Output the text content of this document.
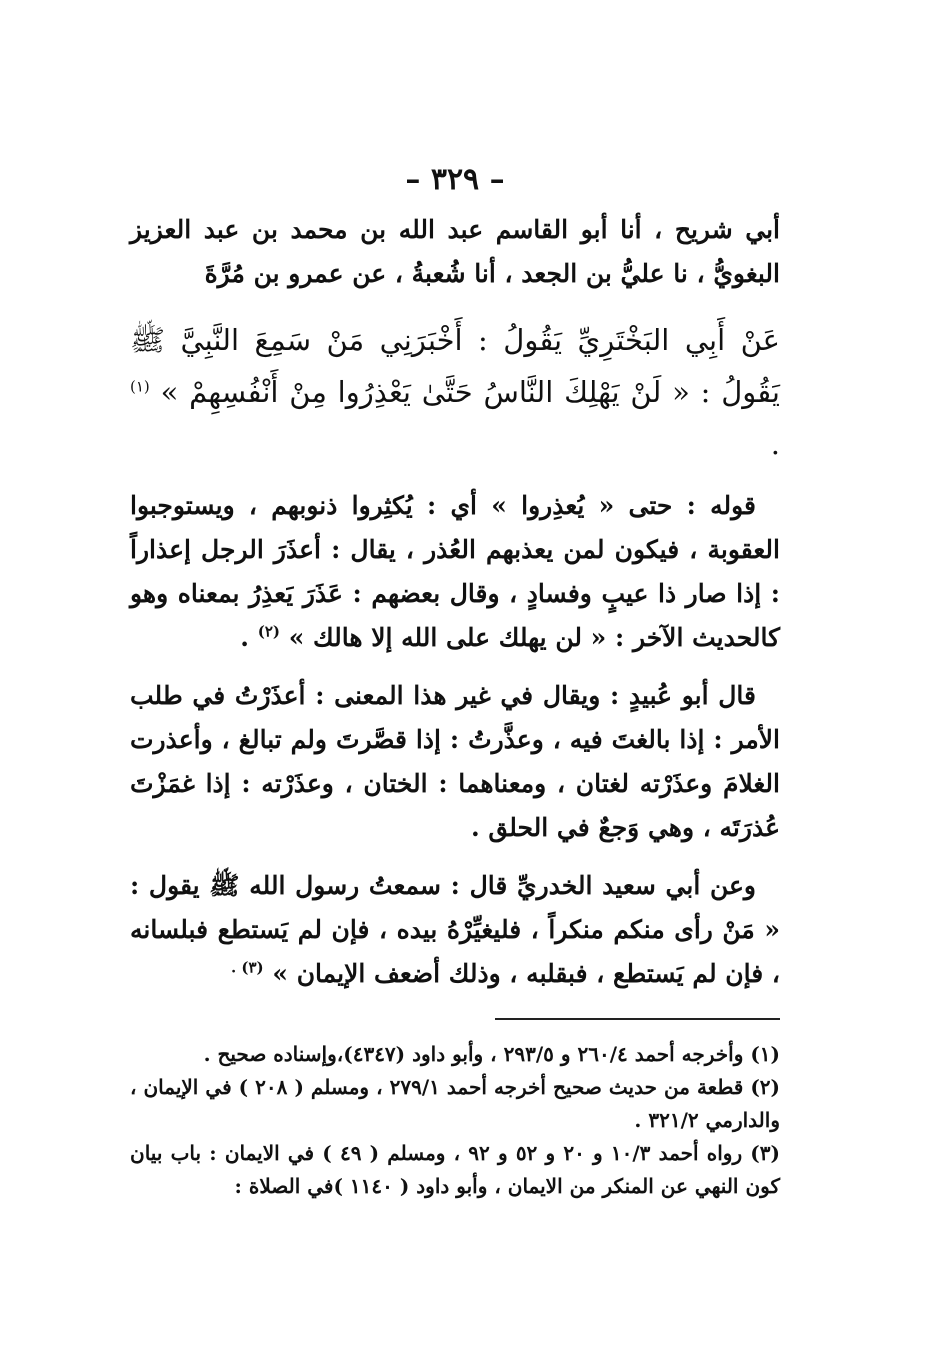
– ٣٢٩ –

أبي شريح ، أنا أبو القاسم عبد الله بن محمد بن عبد العزيز البغويُّ ، نا عليُّ بن الجعد ، أنا شُعبةُ ، عن عمرو بن مُرَّةَ

عَنْ أَبِي البَخْتَرِيِّ يَقُولُ : أَخْبَرَنِي مَنْ سَمِعَ النَّبِيَّ ﷺ يَقُولُ : « لَنْ يَهْلِكَ النَّاسُ حَتَّىٰ يَعْذِرُوا مِنْ أَنْفُسِهِمْ » $^{(١)}$ .

قوله : حتى « يُعذِروا » أي : يُكثِروا ذنوبهم ، ويستوجبوا العقوبة ، فيكون لمن يعذبهم العُذر ، يقال : أعذَرَ الرجل إعذاراً : إذا صار ذا عيبٍ وفسادٍ ، وقال بعضهم : عَذَرَ يَعذِرُ بمعناه وهو كالحديث الآخر : « لن يهلك على الله إلا هالك » $^{(٢)}$ .

قال أبو عُبيدٍ : ويقال في غير هذا المعنى : أعذَرْتُ في طلب الأمر : إذا بالغتَ فيه ، وعذَّرتُ : إذا قصَّرتَ ولم تبالغ ، وأعذرت الغلامَ وعذَرْته لغتان ، ومعناهما : الختان ، وعذَرْته : إذا غمَزْتَ عُذرَتَه ، وهي وَجعٌ في الحلق .

وعن أبي سعيد الخدريِّ قال : سمعتُ رسول الله ﷺ يقول : « مَنْ رأى منكم منكراً ، فليغيِّرْهُ بيده ، فإن لم يَستطع فبلسانه ، فإن لم يَستطع ، فبقلبه ، وذلك أضعف الإيمان » $^{(٣) .}$

(١) وأخرجه أحمد ٢٦٠/٤ و ٢٩٣/٥ ، وأبو داود (٤٣٤٧)،وإسناده صحيح .

(٢) قطعة من حديث صحيح أخرجه أحمد ٢٧٩/١ ، ومسلم ( ٢٠٨ ) في الإيمان ، والدارمي ٣٢١/٢ .

(٣) رواه أحمد ١٠/٣ و ٢٠ و ٥٢ و ٩٢ ، ومسلم ( ٤٩ ) في الايمان : باب بيان كون النهي عن المنكر من الايمان ، وأبو داود ( ١١٤٠ )في الصلاة :
